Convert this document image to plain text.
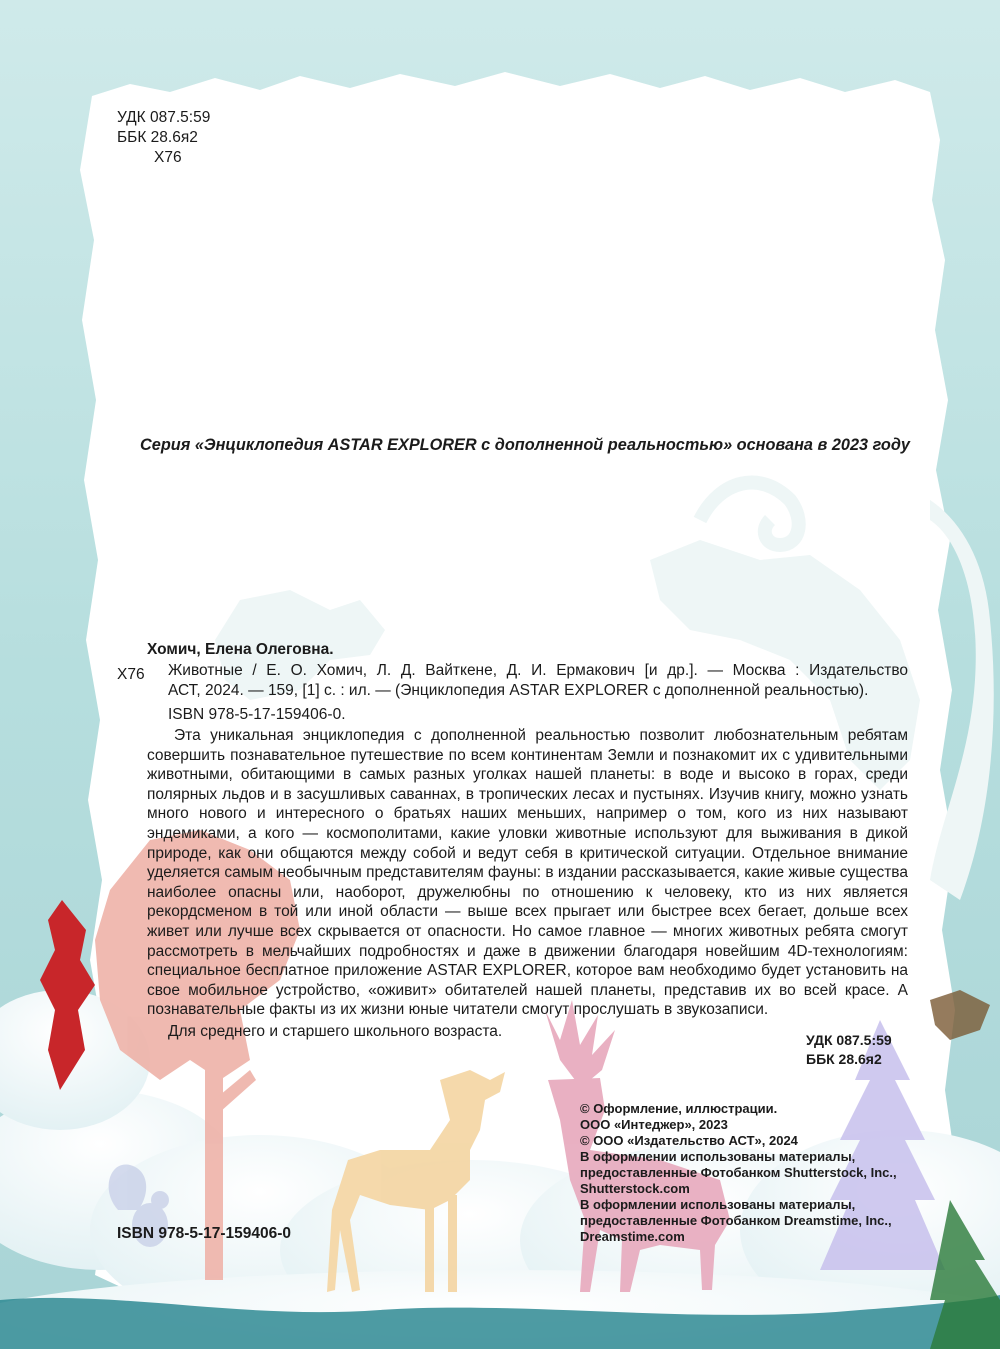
УДК 087.5:59
ББК 28.6я2
Х76
Серия «Энциклопедия ASTAR EXPLORER с дополненной реальностью» основана в 2023 году
Хомич, Елена Олеговна.
Х76 Животные / Е. О. Хомич, Л. Д. Вайткене, Д. И. Ермакович [и др.]. — Москва : Издательство
АСТ, 2024. — 159, [1] с. : ил. — (Энциклопедия ASTAR EXPLORER с дополненной реальностью).
ISBN 978-5-17-159406-0.

Эта уникальная энциклопедия с дополненной реальностью позволит любознательным ребятам совершить познавательное путешествие по всем континентам Земли и познакомит их с удивительными животными, обитающими в самых разных уголках нашей планеты: в воде и высоко в горах, среди полярных льдов и в засушливых саваннах, в тропических лесах и пустынях. Изучив книгу, можно узнать много нового и интересного о братьях наших меньших, например о том, кого из них называют эндемиками, а кого — космополитами, какие уловки животные используют для выживания в дикой природе, как они общаются между собой и ведут себя в критической ситуации. Отдельное внимание уделяется самым необычным представителям фауны: в издании рассказывается, какие живые существа наиболее опасны или, наоборот, дружелюбны по отношению к человеку, кто из них является рекордсменом в той или иной области — выше всех прыгает или быстрее всех бегает, дольше всех живет или лучше всех скрывается от опасности. Но самое главное — многих животных ребята смогут рассмотреть в мельчайших подробностях и даже в движении благодаря новейшим 4D-технологиям: специальное бесплатное приложение ASTAR EXPLORER, которое вам необходимо будет установить на свое мобильное устройство, «оживит» обитателей нашей планеты, представив их во всей красе. А познавательные факты из их жизни юные читатели смогут прослушать в звукозаписи.

Для среднего и старшего школьного возраста.	УДК 087.5:59
ББК 28.6я2
© Оформление, иллюстрации.
ООО «Интеджер», 2023
© ООО «Издательство АСТ», 2024
В оформлении использованы материалы,
предоставленные Фотобанком Shutterstock, Inc.,
Shutterstock.com
В оформлении использованы материалы,
предоставленные Фотобанком Dreamstime, Inc.,
Dreamstime.com
ISBN 978-5-17-159406-0
